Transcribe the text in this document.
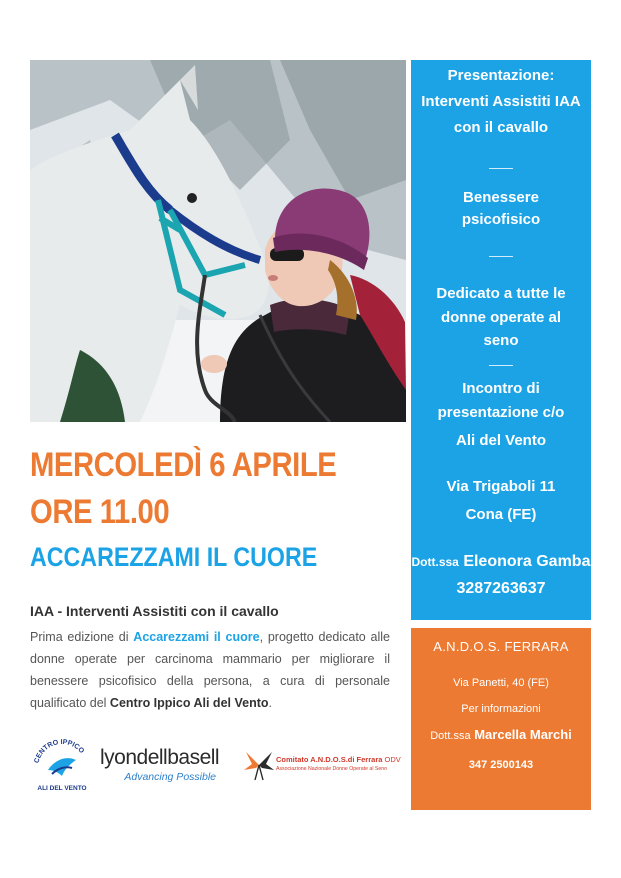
Presentazione:
Interventi Assistiti IAA
con il cavallo
Benessere
psicofisico
Dedicato a tutte le
donne operate al
seno
Incontro di
presentazione c/o
Ali del Vento
Via Trigaboli 11
Cona (FE)
Dott.ssa Eleonora Gamba
3287263637
A.N.D.O.S. FERRARA
Via Panetti, 40 (FE)
Per informazioni
Dott.ssa Marcella Marchi
347 2500143
MERCOLEDÌ 6 APRILE
ORE 11.00
ACCAREZZAMI IL CUORE
IAA - Interventi Assistiti con il cavallo
Prima edizione di Accarezzami il cuore, progetto dedicato alle donne operate per carcinoma mammario per migliorare il benessere psicofisico della persona, a cura di personale qualificato del Centro Ippico Ali del Vento.
CENTRO IPPICO
ALI DEL VENTO
lyondellbasell
Advancing Possible
Comitato A.N.D.O.S.di Ferrara ODV
Associazione Nazionale Donne Operate al Seno
